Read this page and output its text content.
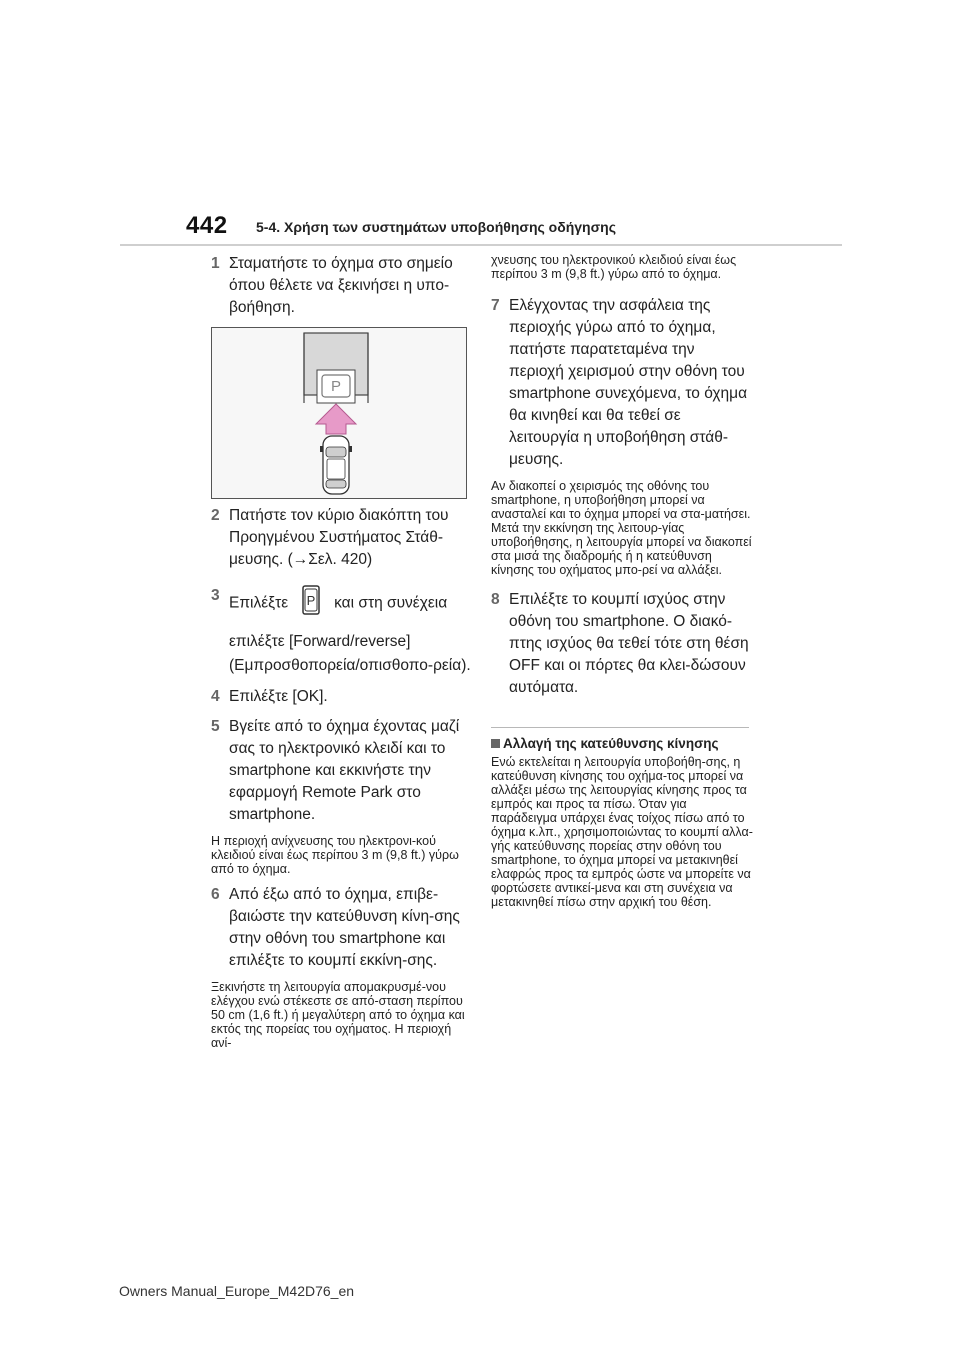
442 5-4. Χρήση των συστημάτων υποβοήθησης οδήγησης
1 Σταματήστε το όχημα στο σημείο όπου θέλετε να ξεκινήσει η υπο-βοήθηση.
P
2 Πατήστε τον κύριο διακόπτη του Προηγμένου Συστήματος Στάθ-μευσης. (→Σελ. 420)
3 Επιλέξτε P και στη συνέχεια
επιλέξτε [Forward/reverse] (Εμπροσθοπορεία/οπισθοπο-ρεία).
4 Επιλέξτε [OK].
5 Βγείτε από το όχημα έχοντας μαζί σας το ηλεκτρονικό κλειδί και το smartphone και εκκινήστε την εφαρμογή Remote Park στο smartphone.
Η περιοχή ανίχνευσης του ηλεκτρονι-κού κλειδιού είναι έως περίπου 3 m (9,8 ft.) γύρω από το όχημα.
6 Από έξω από το όχημα, επιβε-βαιώστε την κατεύθυνση κίνη-σης στην οθόνη του smartphone και επιλέξτε το κουμπί εκκίνη-σης.
Ξεκινήστε τη λειτουργία απομακρυσμέ-νου ελέγχου ενώ στέκεστε σε από-σταση περίπου 50 cm (1,6 ft.) ή μεγαλύτερη από το όχημα και εκτός της πορείας του οχήματος. Η περιοχή ανί-
χνευσης του ηλεκτρονικού κλειδιού είναι έως περίπου 3 m (9,8 ft.) γύρω από το όχημα.
7 Ελέγχοντας την ασφάλεια της περιοχής γύρω από το όχημα, πατήστε παρατεταμένα την περιοχή χειρισμού στην οθόνη του smartphone συνεχόμενα, το όχημα θα κινηθεί και θα τεθεί σε λειτουργία η υποβοήθηση στάθ-μευσης.
Αν διακοπεί ο χειρισμός της οθόνης του smartphone, η υποβοήθηση μπορεί να ανασταλεί και το όχημα μπορεί να στα-ματήσει. Μετά την εκκίνηση της λειτουρ-γίας υποβοήθησης, η λειτουργία μπορεί να διακοπεί στα μισά της διαδρομής ή η κατεύθυνση κίνησης του οχήματος μπο-ρεί να αλλάξει.
8 Επιλέξτε το κουμπί ισχύος στην οθόνη του smartphone. Ο διακό-πτης ισχύος θα τεθεί τότε στη θέση OFF και οι πόρτες θα κλει-δώσουν αυτόματα.
Αλλαγή της κατεύθυνσης κίνησης
Ενώ εκτελείται η λειτουργία υποβοήθη-σης, η κατεύθυνση κίνησης του οχήμα-τος μπορεί να αλλάξει μέσω της λειτουργίας κίνησης προς τα εμπρός και προς τα πίσω. Όταν για παράδειγμα υπάρχει ένας τοίχος πίσω από το όχημα κ.λπ., χρησιμοποιώντας το κουμπί αλλα-γής κατεύθυνσης πορείας στην οθόνη του smartphone, το όχημα μπορεί να μετακινηθεί ελαφρώς προς τα εμπρός ώστε να μπορείτε να φορτώσετε αντικεί-μενα και στη συνέχεια να μετακινηθεί πίσω στην αρχική του θέση.
Owners Manual_Europe_M42D76_en
